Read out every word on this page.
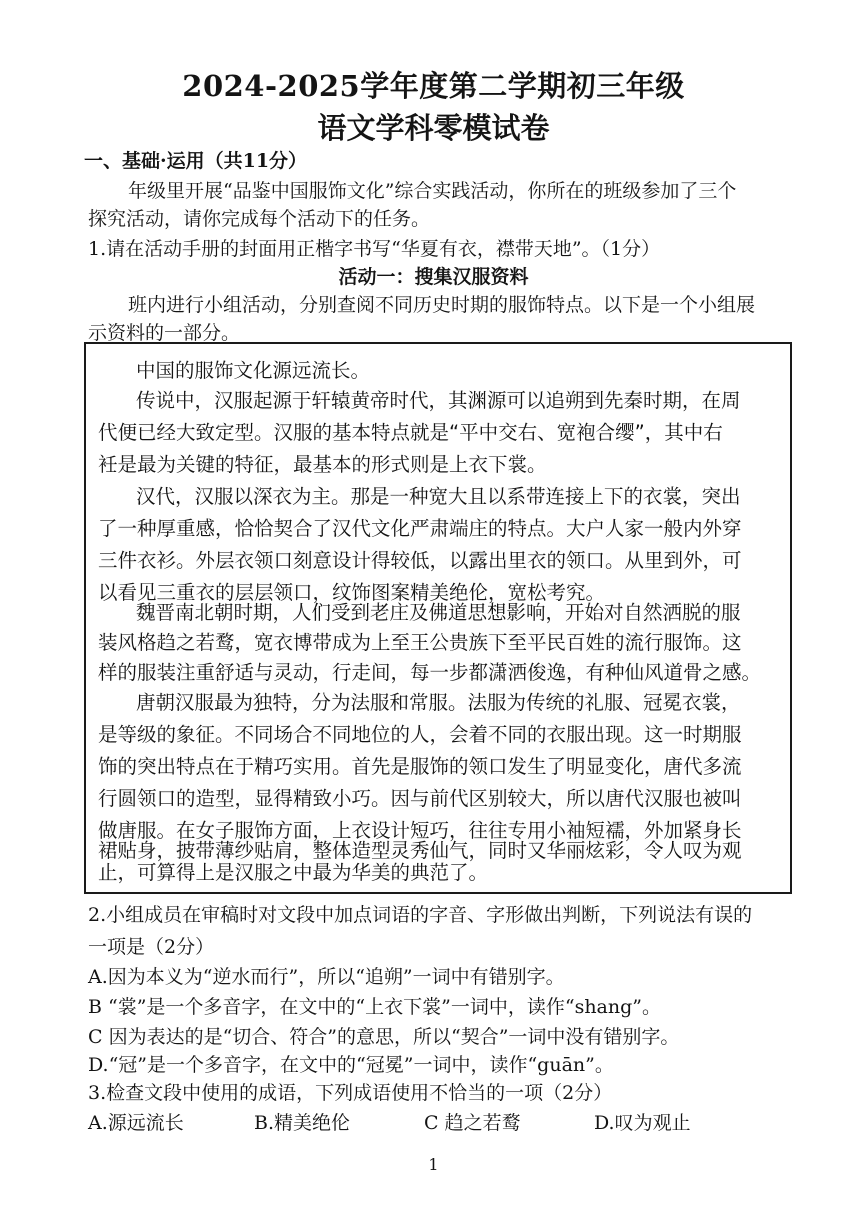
2024-2025学年度第二学期初三年级
语文学科零模试卷
一、基础·运用（共11分）
年级里开展“品鉴中国服饰文化”综合实践活动，你所在的班级参加了三个
探究活动，请你完成每个活动下的任务。
1.请在活动手册的封面用正楷字书写“华夏有衣，襟带天地”。（1分）
活动一：搜集汉服资料
班内进行小组活动，分别查阅不同历史时期的服饰特点。以下是一个小组展
示资料的一部分。
中国的服饰文化源远流长。
传说中，汉服起源于轩辕黄帝时代，其渊源可以追朔到先秦时期，在周
代便已经大致定型。汉服的基本特点就是“平中交右、宽袍合缨”，其中右
衽是最为关键的特征，最基本的形式则是上衣下裳。
汉代，汉服以深衣为主。那是一种宽大且以系带连接上下的衣裳，突出
了一种厚重感，恰恰契合了汉代文化严肃端庄的特点。大户人家一般内外穿
三件衣衫。外层衣领口刻意设计得较低，以露出里衣的领口。从里到外，可
以看见三重衣的层层领口，纹饰图案精美绝伦，宽松考究。
魏晋南北朝时期，人们受到老庄及佛道思想影响，开始对自然洒脱的服
装风格趋之若鹜，宽衣博带成为上至王公贵族下至平民百姓的流行服饰。这
样的服装注重舒适与灵动，行走间，每一步都潇洒俊逸，有种仙风道骨之感。
唐朝汉服最为独特，分为法服和常服。法服为传统的礼服、冠冕衣裳，
是等级的象征。不同场合不同地位的人，会着不同的衣服出现。这一时期服
饰的突出特点在于精巧实用。首先是服饰的领口发生了明显变化，唐代多流
行圆领口的造型，显得精致小巧。因与前代区别较大，所以唐代汉服也被叫
做唐服。在女子服饰方面，上衣设计短巧，往往专用小袖短襦，外加紧身长
裙贴身，披带薄纱贴肩，整体造型灵秀仙气，同时又华丽炫彩，令人叹为观
止，可算得上是汉服之中最为华美的典范了。
2.小组成员在审稿时对文段中加点词语的字音、字形做出判断，下列说法有误的
一项是（2分）
A.因为本义为“逆水而行”，所以“追朔”一词中有错别字。
B “裳”是一个多音字，在文中的“上衣下裳”一词中，读作“shang”。
C 因为表达的是“切合、符合”的意思，所以“契合”一词中没有错别字。
D.“冠”是一个多音字，在文中的“冠冕”一词中，读作“guān”。
3.检查文段中使用的成语，下列成语使用不恰当的一项（2分）
A.源远流长	B.精美绝伦	C 趋之若鹜	D.叹为观止
1
